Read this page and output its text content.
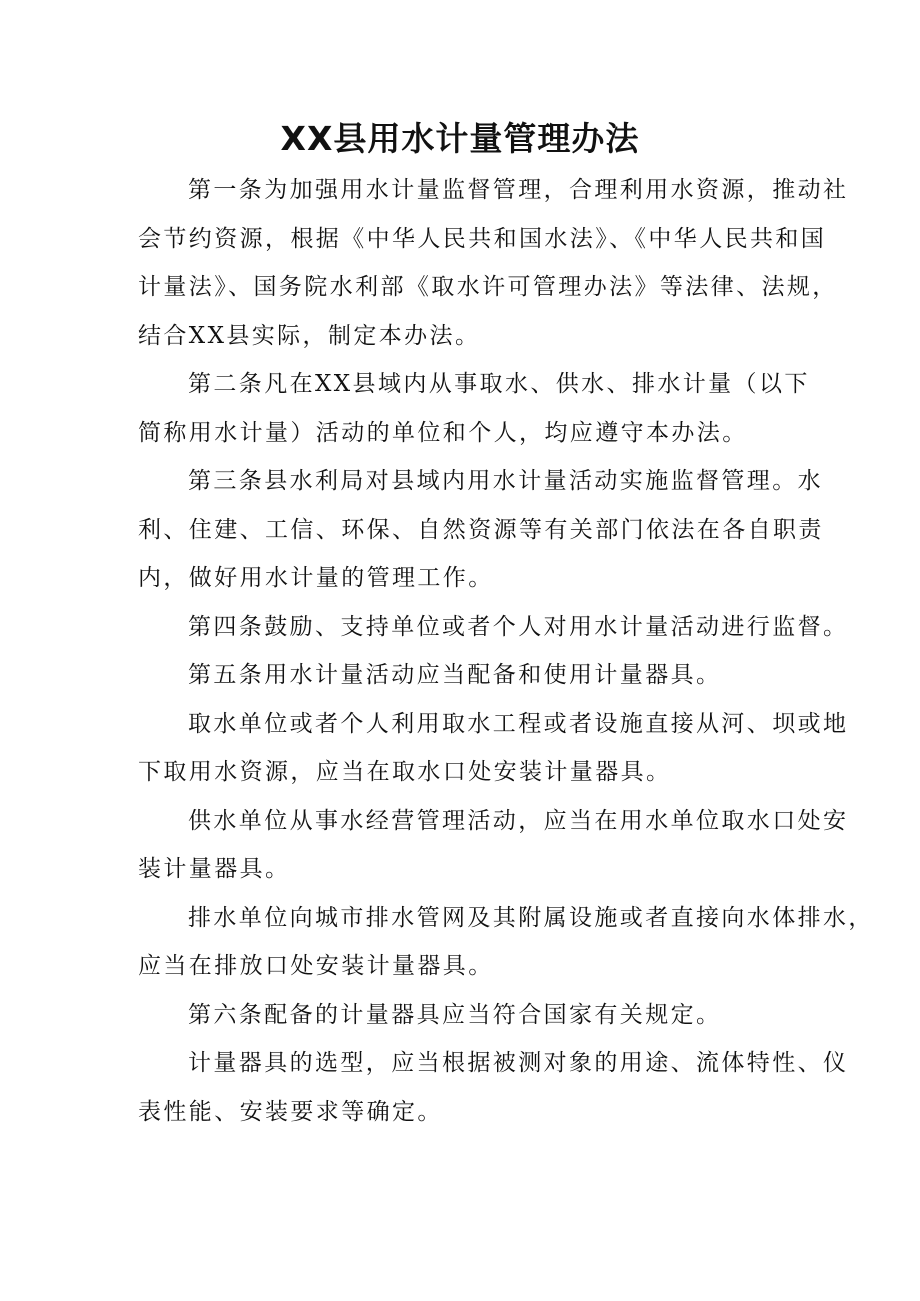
XX县用水计量管理办法

第一条为加强用水计量监督管理，合理利用水资源，推动社
会节约资源，根据《中华人民共和国水法》、《中华人民共和国
计量法》、国务院水利部《取水许可管理办法》等法律、法规，
结合XX县实际，制定本办法。

第二条凡在XX县域内从事取水、供水、排水计量（以下
简称用水计量）活动的单位和个人，均应遵守本办法。

第三条县水利局对县域内用水计量活动实施监督管理。水
利、住建、工信、环保、自然资源等有关部门依法在各自职责
内，做好用水计量的管理工作。

第四条鼓励、支持单位或者个人对用水计量活动进行监督。

第五条用水计量活动应当配备和使用计量器具。

取水单位或者个人利用取水工程或者设施直接从河、坝或地
下取用水资源，应当在取水口处安装计量器具。

供水单位从事水经营管理活动，应当在用水单位取水口处安
装计量器具。

排水单位向城市排水管网及其附属设施或者直接向水体排水，
应当在排放口处安装计量器具。

第六条配备的计量器具应当符合国家有关规定。

计量器具的选型，应当根据被测对象的用途、流体特性、仪
表性能、安装要求等确定。
